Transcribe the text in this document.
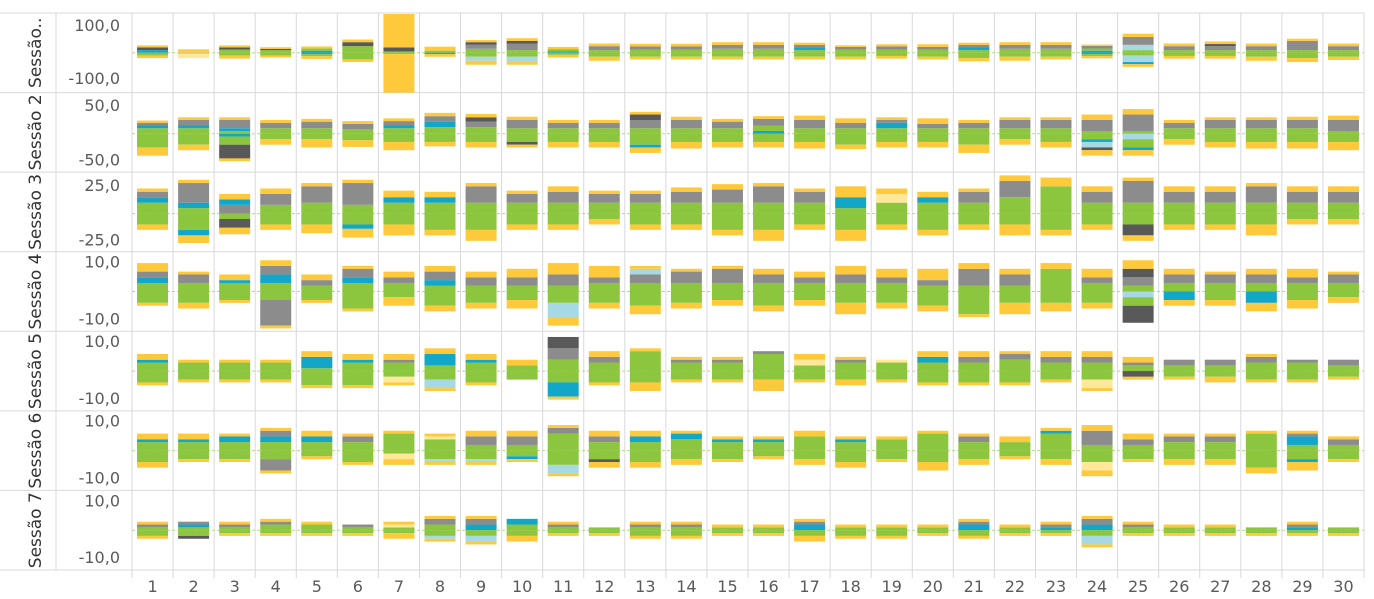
Sessão.. 100,0
-100,0
Sessão 2 50,0
-50,0
Sessão 3 25,0
-25,0
Sessão 4 10,0
-10,0
Sessão 5 10,0
-10,0
Sessão 6 10,0
-10,0
Sessão 7 10,0
-10,0
1 2 3 4 5 6 7 8 9 10 11 12 13 14 15 16 17 18 19 20 21 22 23 24 25 26 27 28 29 30
